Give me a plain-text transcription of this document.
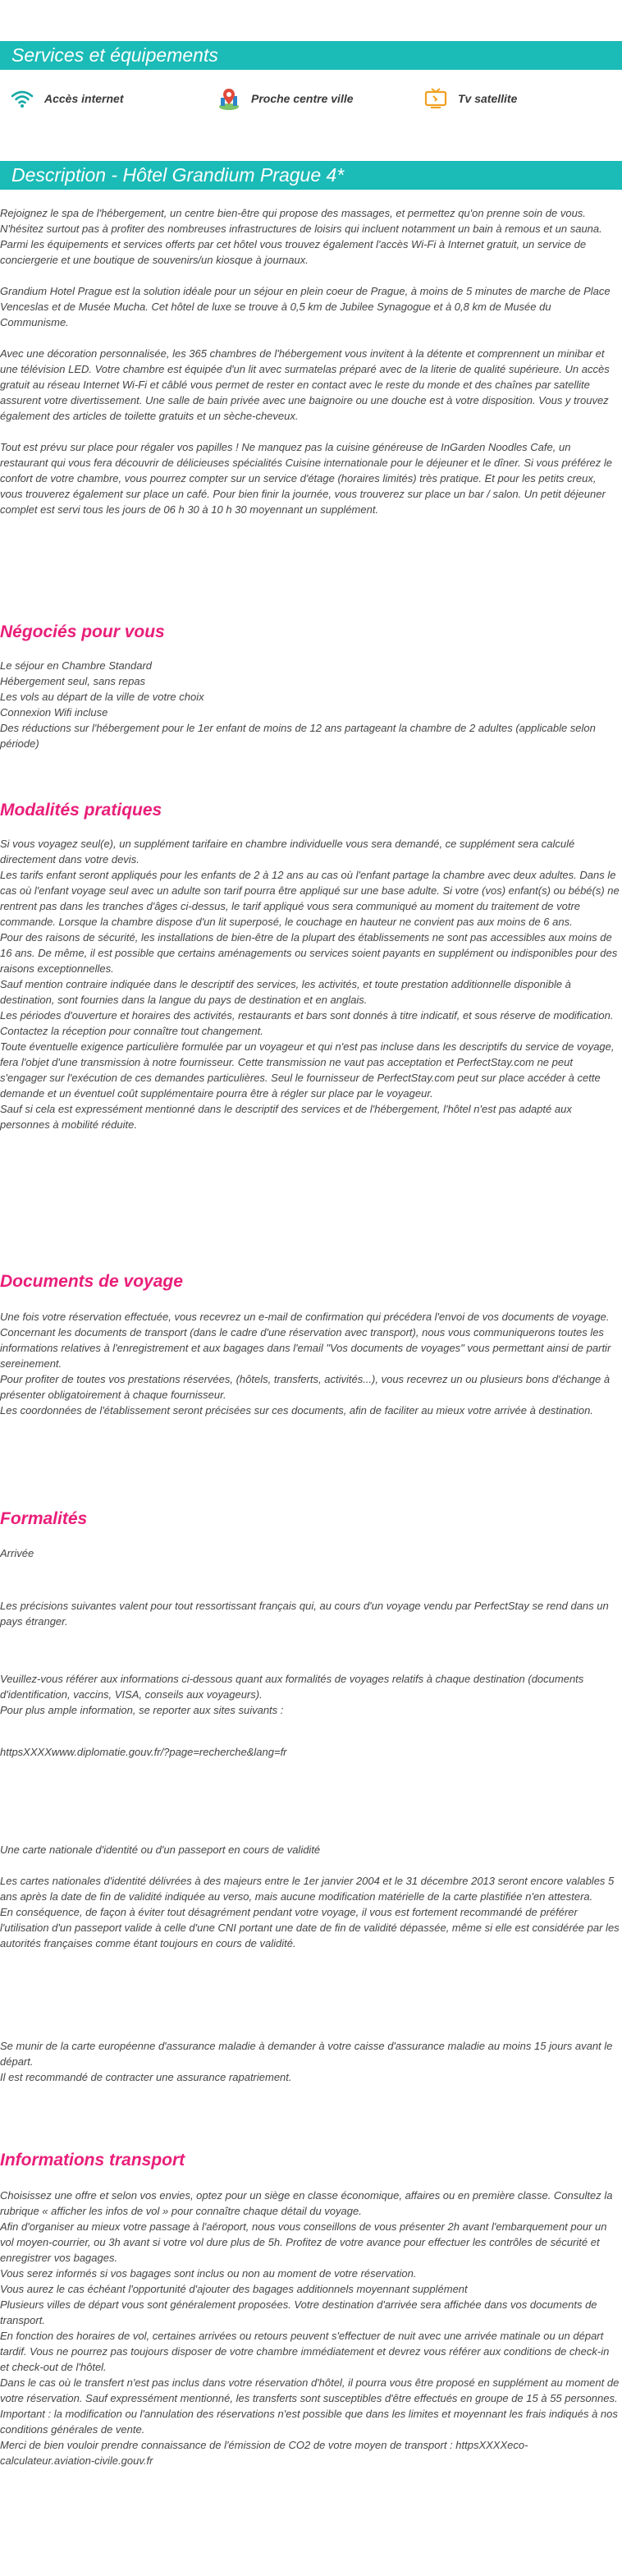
Services et équipements
Accès internet	Proche centre ville	Tv satellite
Description - Hôtel Grandium Prague 4*

Rejoignez le spa de l'hébergement, un centre bien-être qui propose des massages, et permettez qu'on prenne soin de vous. N'hésitez surtout pas à profiter des nombreuses infrastructures de loisirs qui incluent notamment un bain à remous et un sauna. Parmi les équipements et services offerts par cet hôtel vous trouvez également l'accès Wi-Fi à Internet gratuit, un service de conciergerie et une boutique de souvenirs/un kiosque à journaux.

Grandium Hotel Prague est la solution idéale pour un séjour en plein coeur de Prague, à moins de 5 minutes de marche de Place Venceslas et de Musée Mucha. Cet hôtel de luxe se trouve à 0,5 km de Jubilee Synagogue et à 0,8 km de Musée du Communisme.

Avec une décoration personnalisée, les 365 chambres de l'hébergement vous invitent à la détente et comprennent un minibar et une télévision LED. Votre chambre est équipée d'un lit avec surmatelas préparé avec de la literie de qualité supérieure. Un accès gratuit au réseau Internet Wi-Fi et câblé vous permet de rester en contact avec le reste du monde et des chaînes par satellite assurent votre divertissement. Une salle de bain privée avec une baignoire ou une douche est à votre disposition. Vous y trouvez également des articles de toilette gratuits et un sèche-cheveux.

Tout est prévu sur place pour régaler vos papilles ! Ne manquez pas la cuisine généreuse de InGarden Noodles Cafe, un restaurant qui vous fera découvrir de délicieuses spécialités Cuisine internationale pour le déjeuner et le dîner. Si vous préférez le confort de votre chambre, vous pourrez compter sur un service d'étage (horaires limités) très pratique. Et pour les petits creux, vous trouverez également sur place un café. Pour bien finir la journée, vous trouverez sur place un bar / salon. Un petit déjeuner complet est servi tous les jours de 06 h 30 à 10 h 30 moyennant un supplément.

Négociés pour vous

Le séjour en Chambre Standard

Hébergement seul, sans repas

Les vols au départ de la ville de votre choix

Connexion Wifi incluse

Des réductions sur l'hébergement pour le 1er enfant de moins de 12 ans partageant la chambre de 2 adultes (applicable selon période)

Modalités pratiques

Si vous voyagez seul(e), un supplément tarifaire en chambre individuelle vous sera demandé, ce supplément sera calculé directement dans votre devis.

Les tarifs enfant seront appliqués pour les enfants de 2 à 12 ans au cas où l'enfant partage la chambre avec deux adultes. Dans le cas où l'enfant voyage seul avec un adulte son tarif pourra être appliqué sur une base adulte. Si votre (vos) enfant(s) ou bébé(s) ne rentrent pas dans les tranches d'âges ci-dessus, le tarif appliqué vous sera communiqué au moment du traitement de votre commande. Lorsque la chambre dispose d'un lit superposé, le couchage en hauteur ne convient pas aux moins de 6 ans.

Pour des raisons de sécurité, les installations de bien-être de la plupart des établissements ne sont pas accessibles aux moins de 16 ans. De même, il est possible que certains aménagements ou services soient payants en supplément ou indisponibles pour des raisons exceptionnelles.

Sauf mention contraire indiquée dans le descriptif des services, les activités, et toute prestation additionnelle disponible à destination, sont fournies dans la langue du pays de destination et en anglais.

Les périodes d'ouverture et horaires des activités, restaurants et bars sont donnés à titre indicatif, et sous réserve de modification. Contactez la réception pour connaître tout changement.

Toute éventuelle exigence particulière formulée par un voyageur et qui n'est pas incluse dans les descriptifs du service de voyage, fera l'objet d'une transmission à notre fournisseur. Cette transmission ne vaut pas acceptation et PerfectStay.com ne peut s'engager sur l'exécution de ces demandes particulières. Seul le fournisseur de PerfectStay.com peut sur place accéder à cette demande et un éventuel coût supplémentaire pourra être à régler sur place par le voyageur.

Sauf si cela est expressément mentionné dans le descriptif des services et de l'hébergement, l'hôtel n'est pas adapté aux personnes à mobilité réduite.

Documents de voyage

Une fois votre réservation effectuée, vous recevrez un e-mail de confirmation qui précédera l'envoi de vos documents de voyage.

Concernant les documents de transport (dans le cadre d'une réservation avec transport), nous vous communiquerons toutes les informations relatives à l'enregistrement et aux bagages dans l'email "Vos documents de voyages" vous permettant ainsi de partir sereinement.

Pour profiter de toutes vos prestations réservées, (hôtels, transferts, activités...), vous recevrez un ou plusieurs bons d'échange à présenter obligatoirement à chaque fournisseur.

Les coordonnées de l'établissement seront précisées sur ces documents, afin de faciliter au mieux votre arrivée à destination.

Formalités

Arrivée

Les précisions suivantes valent pour tout ressortissant français qui, au cours d'un voyage vendu par PerfectStay se rend dans un pays étranger.

Veuillez-vous référer aux informations ci-dessous quant aux formalités de voyages relatifs à chaque destination (documents d'identification, vaccins, VISA, conseils aux voyageurs).

Pour plus ample information, se reporter aux sites suivants :

httpsXXXXwww.diplomatie.gouv.fr/?page=recherche&lang=fr

Une carte nationale d'identité ou d'un passeport en cours de validité

Les cartes nationales d'identité délivrées à des majeurs entre le 1er janvier 2004 et le 31 décembre 2013 seront encore valables 5 ans après la date de fin de validité indiquée au verso, mais aucune modification matérielle de la carte plastifiée n'en attestera.

En conséquence, de façon à éviter tout désagrément pendant votre voyage, il vous est fortement recommandé de préférer l'utilisation d'un passeport valide à celle d'une CNI portant une date de fin de validité dépassée, même si elle est considérée par les autorités françaises comme étant toujours en cours de validité.

Se munir de la carte européenne d'assurance maladie à demander à votre caisse d'assurance maladie au moins 15 jours avant le départ.

Il est recommandé de contracter une assurance rapatriement.

Informations transport

Choisissez une offre et selon vos envies, optez pour un siège en classe économique, affaires ou en première classe. Consultez la rubrique « afficher les infos de vol » pour connaître chaque détail du voyage.

Afin d'organiser au mieux votre passage à l'aéroport, nous vous conseillons de vous présenter 2h avant l'embarquement pour un vol moyen-courrier, ou 3h avant si votre vol dure plus de 5h. Profitez de votre avance pour effectuer les contrôles de sécurité et enregistrer vos bagages.

Vous serez informés si vos bagages sont inclus ou non au moment de votre réservation.

Vous aurez le cas échéant l'opportunité d'ajouter des bagages additionnels moyennant supplément

Plusieurs villes de départ vous sont généralement proposées. Votre destination d'arrivée sera affichée dans vos documents de transport.

En fonction des horaires de vol, certaines arrivées ou retours peuvent s'effectuer de nuit avec une arrivée matinale ou un départ tardif. Vous ne pourrez pas toujours disposer de votre chambre immédiatement et devrez vous référer aux conditions de check-in et check-out de l'hôtel.

Dans le cas où le transfert n'est pas inclus dans votre réservation d'hôtel, il pourra vous être proposé en supplément au moment de votre réservation. Sauf expressément mentionné, les transferts sont susceptibles d'être effectués en groupe de 15 à 55 personnes.

Important : la modification ou l'annulation des réservations n'est possible que dans les limites et moyennant les frais indiqués à nos conditions générales de vente.

Merci de bien vouloir prendre connaissance de l'émission de CO2 de votre moyen de transport : httpsXXXXeco-calculateur.aviation-civile.gouv.fr
